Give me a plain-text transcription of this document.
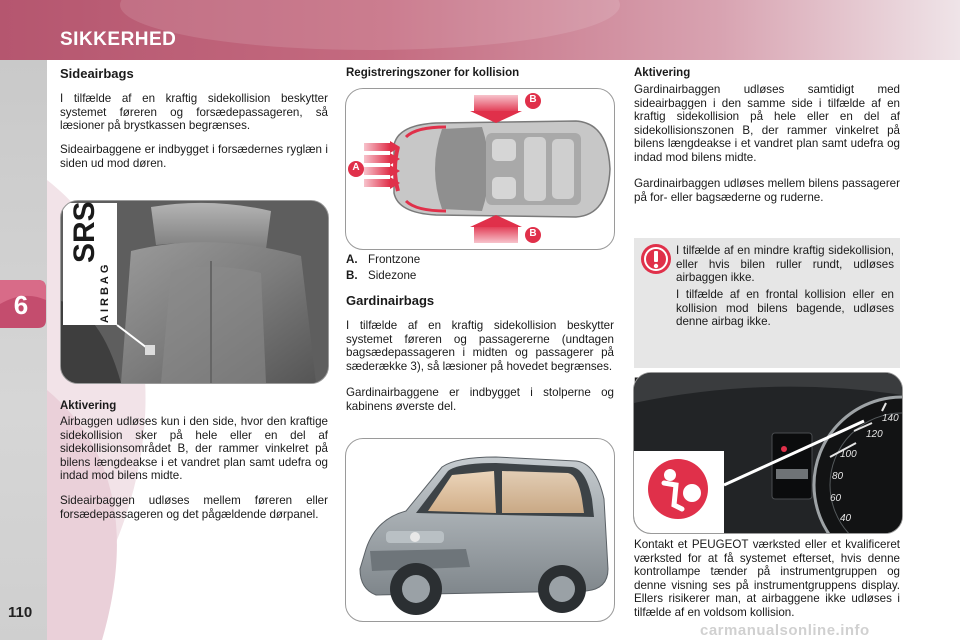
SIKKERHED
6
110
Sideairbags

I tilfælde af en kraftig sidekollision beskytter systemet føreren og forsædepassageren, så læsioner på brystkassen begrænses.

Sideairbaggene er indbygget i forsædernes ryglæn i siden ud mod døren.

SRS
AIRBAG
Aktivering

Airbaggen udløses kun i den side, hvor den kraftige sidekollision sker på hele eller en del af sidekollisionsområdet B, der rammer vinkelret på bilens længdeakse i et vandret plan samt udefra og indad mod bilens midte.

Sideairbaggen udløses mellem føreren eller forsædepassageren og det pågældende dørpanel.

Registreringszoner for kollision
B
B
A
A. Frontzone
B. Sidezone
Gardinairbags

I tilfælde af en kraftig sidekollision beskytter systemet føreren og passagererne (undtagen bagsædepassageren i midten og passagerer på sæderække 3), så læsioner på hovedet begrænses.

Gardinairbaggene er indbygget i stolperne og kabinens øverste del.

Aktivering

Gardinairbaggen udløses samtidigt med sideairbaggen i den samme side i tilfælde af en kraftig sidekollision på hele eller en del af sidekollisionszonen B, der rammer vinkelret på bilens længdeakse i et vandret plan samt udefra og indad mod bilens midte.

Gardinairbaggen udløses mellem bilens passagerer på for- eller bagsæderne og ruderne.

I tilfælde af en mindre kraftig sidekollision, eller hvis bilen ruller rundt, udløses airbaggen ikke.

I tilfælde af en frontal kollision eller en kollision mod bilens bagende, udløses denne airbag ikke.

100
120
140
80
60
40

Kontakt et PEUGEOT værksted eller et kvalificeret værksted for at få systemet efterset, hvis denne kontrollampe tænder på instrumentgruppen og denne visning ses på instrumentgruppens display. Ellers risikerer man, at airbaggene ikke udløses i tilfælde af en voldsom kollision.

carmanualsonline.info
